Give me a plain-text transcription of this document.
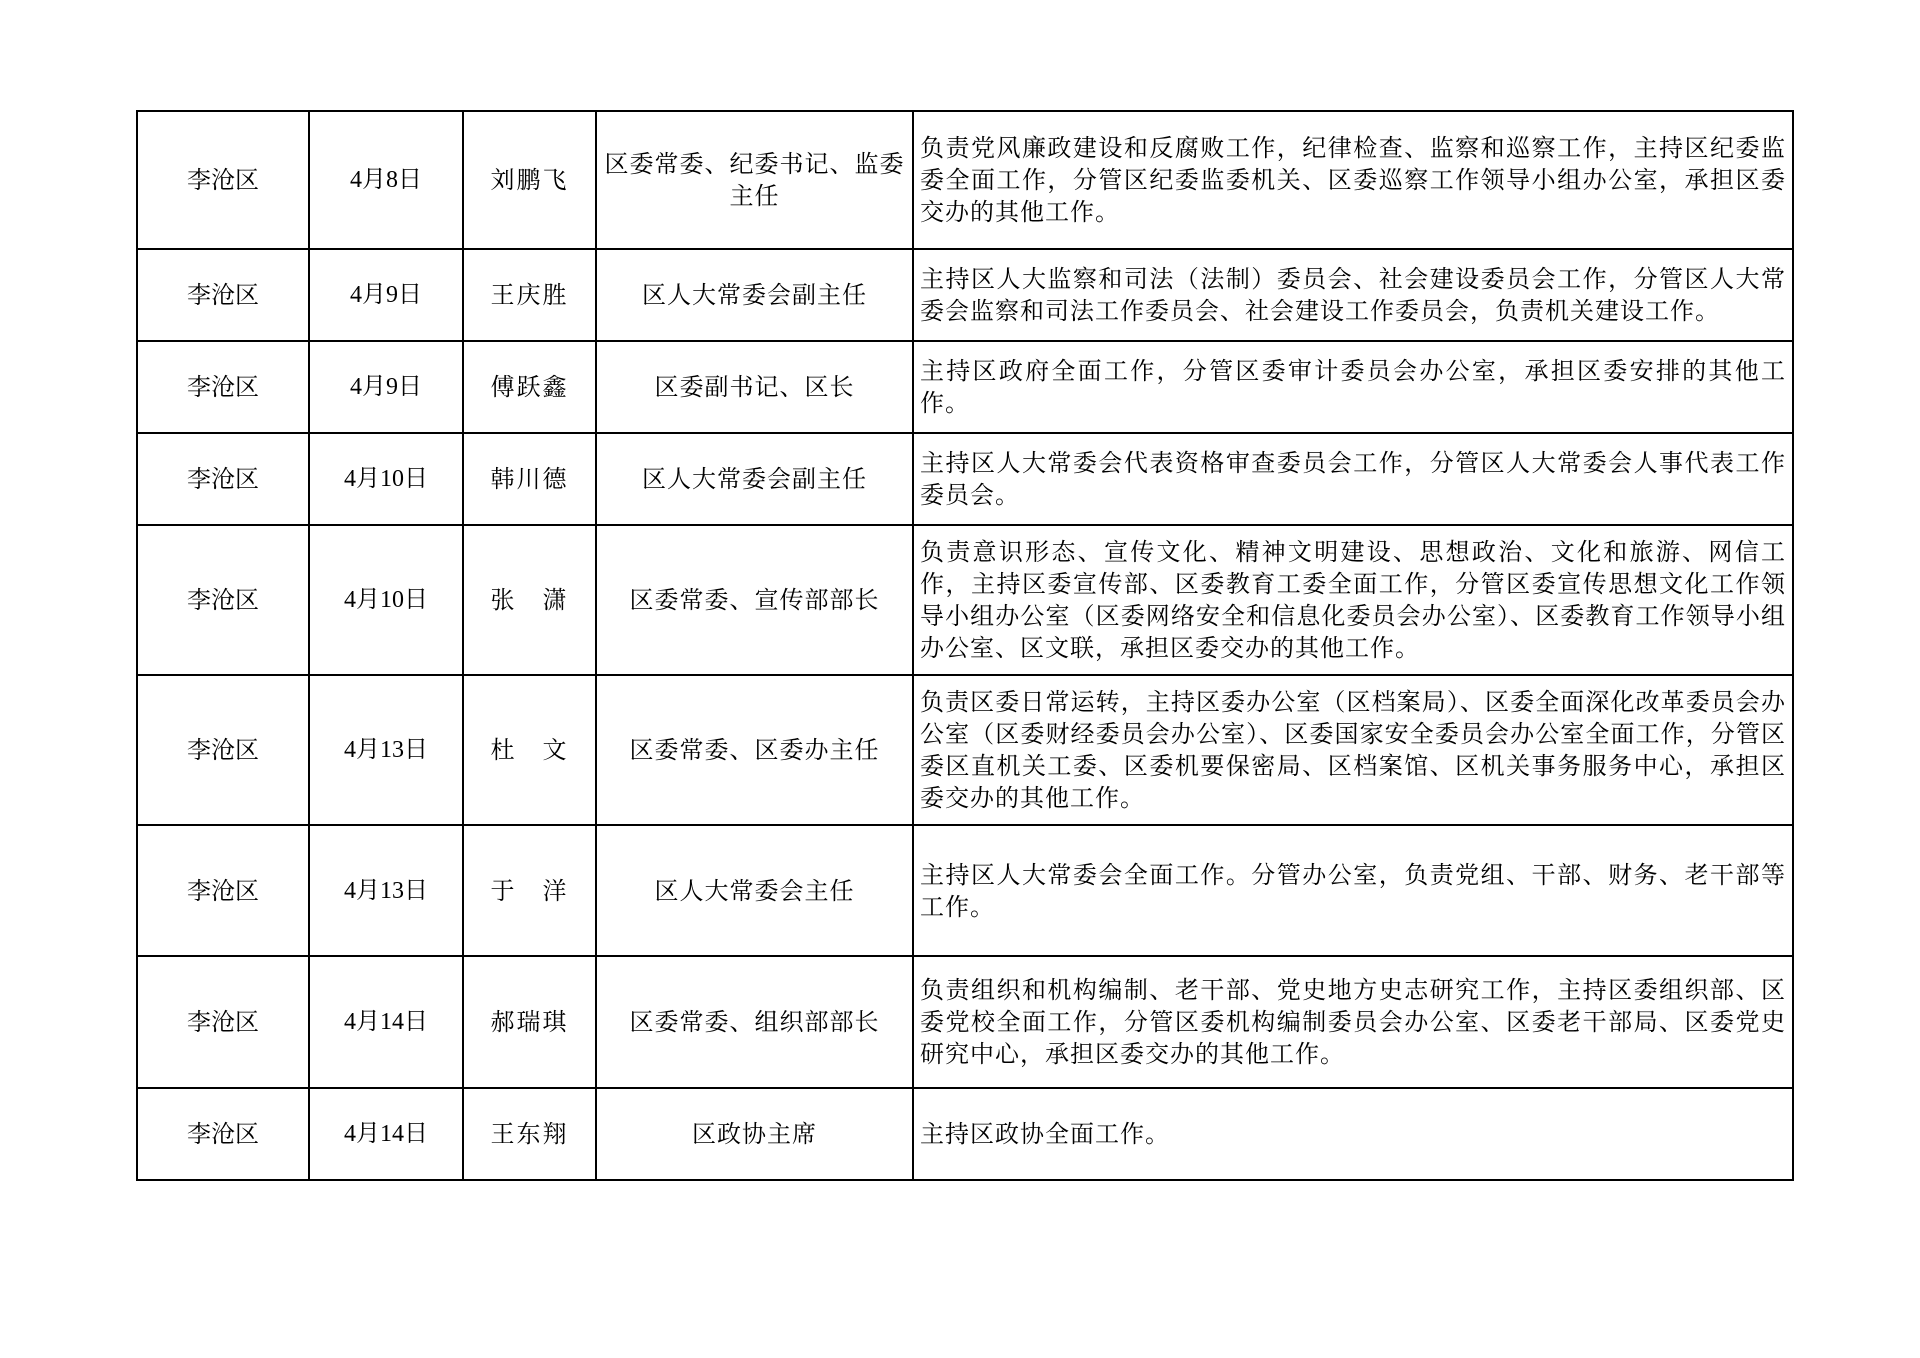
李沧区	4月8日	刘鹏飞	区委常委、纪委书记、监委主任	负责党风廉政建设和反腐败工作，纪律检查、监察和巡察工作，主持区纪委监委全面工作，分管区纪委监委机关、区委巡察工作领导小组办公室，承担区委交办的其他工作。
李沧区	4月9日	王庆胜	区人大常委会副主任	主持区人大监察和司法（法制）委员会、社会建设委员会工作，分管区人大常委会监察和司法工作委员会、社会建设工作委员会，负责机关建设工作。
李沧区	4月9日	傅跃鑫	区委副书记、区长	主持区政府全面工作，分管区委审计委员会办公室，承担区委安排的其他工作。
李沧区	4月10日	韩川德	区人大常委会副主任	主持区人大常委会代表资格审查委员会工作，分管区人大常委会人事代表工作委员会。
李沧区	4月10日	张　潇	区委常委、宣传部部长	负责意识形态、宣传文化、精神文明建设、思想政治、文化和旅游、网信工作，主持区委宣传部、区委教育工委全面工作，分管区委宣传思想文化工作领导小组办公室（区委网络安全和信息化委员会办公室）、区委教育工作领导小组办公室、区文联，承担区委交办的其他工作。
李沧区	4月13日	杜　文	区委常委、区委办主任	负责区委日常运转，主持区委办公室（区档案局）、区委全面深化改革委员会办公室（区委财经委员会办公室）、区委国家安全委员会办公室全面工作，分管区委区直机关工委、区委机要保密局、区档案馆、区机关事务服务中心，承担区委交办的其他工作。
李沧区	4月13日	于　洋	区人大常委会主任	主持区人大常委会全面工作。分管办公室，负责党组、干部、财务、老干部等工作。
李沧区	4月14日	郝瑞琪	区委常委、组织部部长	负责组织和机构编制、老干部、党史地方史志研究工作，主持区委组织部、区委党校全面工作，分管区委机构编制委员会办公室、区委老干部局、区委党史研究中心，承担区委交办的其他工作。
李沧区	4月14日	王东翔	区政协主席	主持区政协全面工作。
